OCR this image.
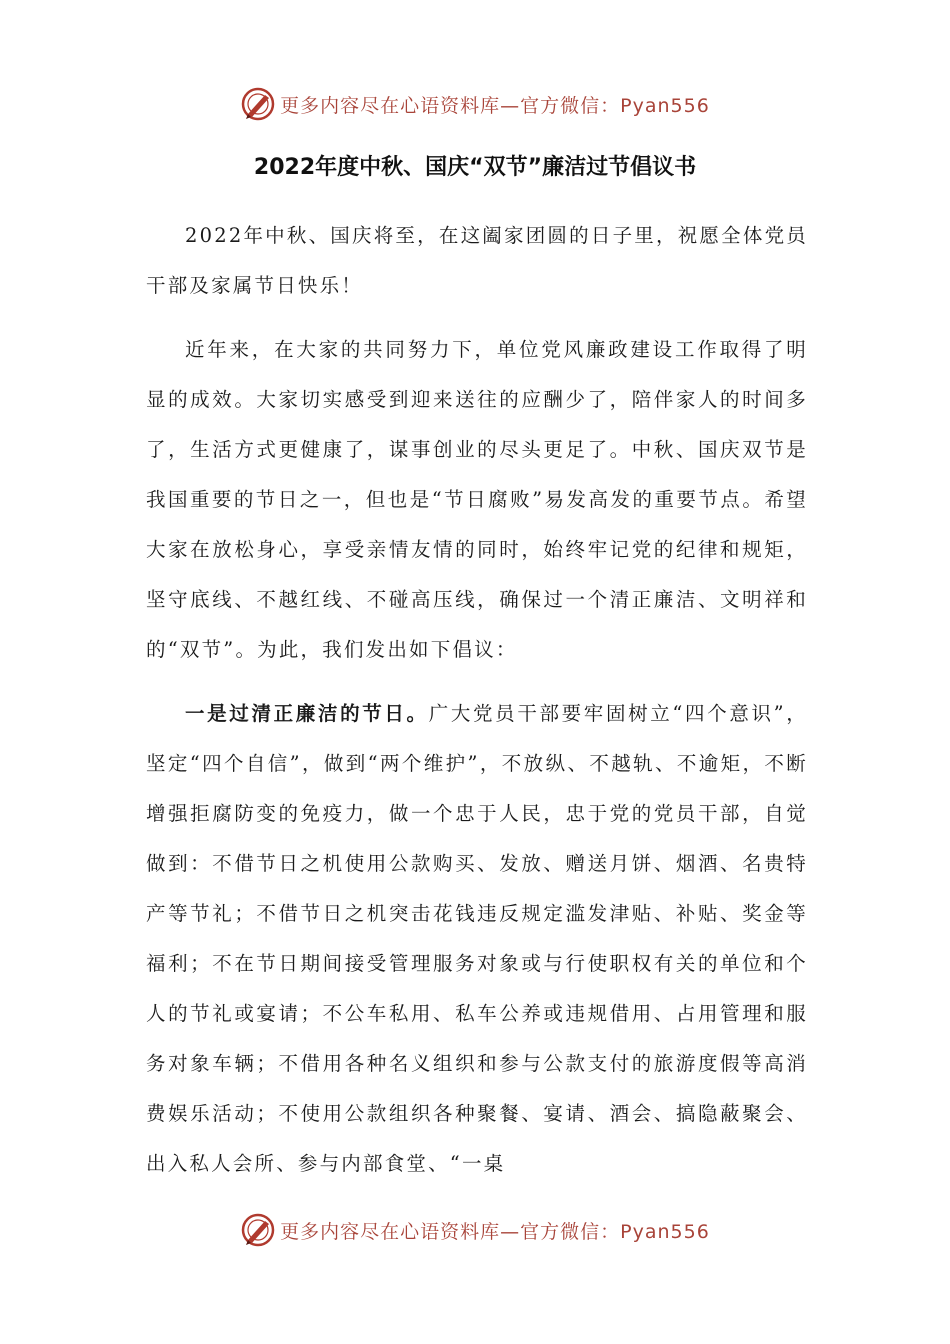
更多内容尽在心语资料库—官方微信：Pyan556
2022年度中秋、国庆“双节”廉洁过节倡议书

2022年中秋、国庆将至，在这阖家团圆的日子里，祝愿全体党员干部及家属节日快乐！

近年来，在大家的共同努力下，单位党风廉政建设工作取得了明显的成效。大家切实感受到迎来送往的应酬少了，陪伴家人的时间多了，生活方式更健康了，谋事创业的尽头更足了。中秋、国庆双节是我国重要的节日之一，但也是“节日腐败”易发高发的重要节点。希望大家在放松身心，享受亲情友情的同时，始终牢记党的纪律和规矩，坚守底线、不越红线、不碰高压线，确保过一个清正廉洁、文明祥和的“双节”。为此，我们发出如下倡议：

一是过清正廉洁的节日。广大党员干部要牢固树立“四个意识”，坚定“四个自信”，做到“两个维护”，不放纵、不越轨、不逾矩，不断增强拒腐防变的免疫力，做一个忠于人民，忠于党的党员干部，自觉做到：不借节日之机使用公款购买、发放、赠送月饼、烟酒、名贵特产等节礼；不借节日之机突击花钱违反规定滥发津贴、补贴、奖金等福利；不在节日期间接受管理服务对象或与行使职权有关的单位和个人的节礼或宴请；不公车私用、私车公养或违规借用、占用管理和服务对象车辆；不借用各种名义组织和参与公款支付的旅游度假等高消费娱乐活动；不使用公款组织各种聚餐、宴请、酒会、搞隐蔽聚会、出入私人会所、参与内部食堂、“一桌

更多内容尽在心语资料库—官方微信：Pyan556
